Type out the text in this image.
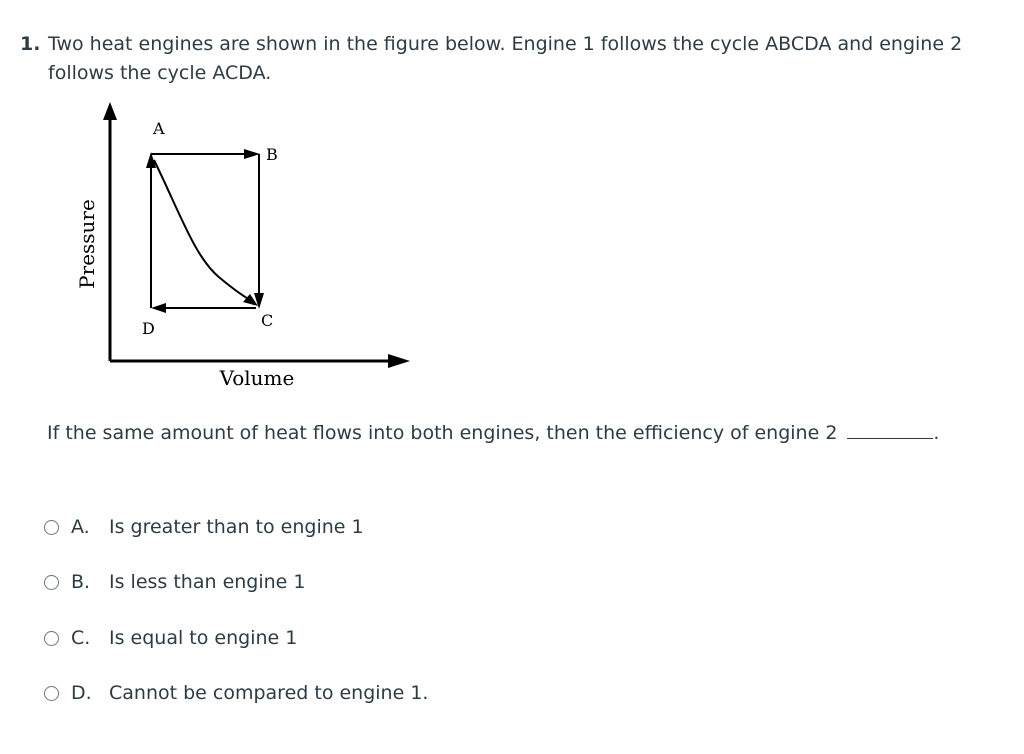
1. Two heat engines are shown in the figure below. Engine 1 follows the cycle ABCDA and engine 2
follows the cycle ACDA.
A
B
C
D
Volume
Pressure
If the same amount of heat flows into both engines, then the efficiency of engine 2	.
A.	Is greater than to engine 1
B. Is less than engine 1
C. Is equal to engine 1
D. Cannot be compared to engine 1.
